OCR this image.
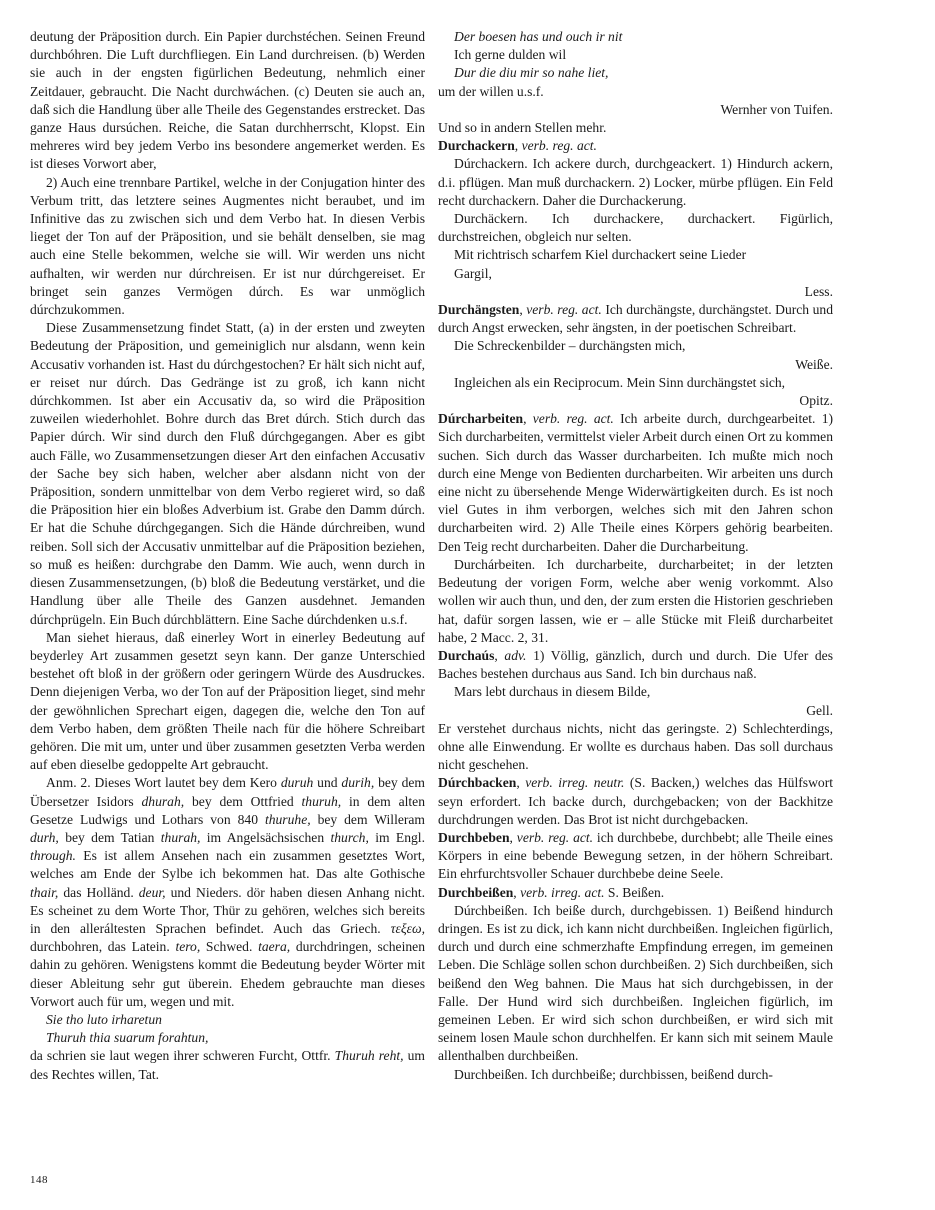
deutung der Präposition durch. Ein Papier durchstéchen. Seinen Freund durchbóhren. Die Luft durchfliegen. Ein Land durchreisen. (b) Werden sie auch in der engsten figürlichen Bedeutung, nehmlich einer Zeitdauer, gebraucht. Die Nacht durchwáchen. (c) Deuten sie auch an, daß sich die Handlung über alle Theile des Gegenstandes erstrecket. Das ganze Haus dursúchen. Reiche, die Satan durchherrscht, Klopst. Ein mehreres wird bey jedem Verbo ins besondere angemerket werden. Es ist dieses Vorwort aber,

2) Auch eine trennbare Partikel, welche in der Conjugation hinter des Verbum tritt, das letztere seines Augmentes nicht beraubet, und im Infinitive das zu zwischen sich und dem Verbo hat. In diesen Verbis lieget der Ton auf der Präposition, und sie behält denselben, sie mag auch eine Stelle bekommen, welche sie will. Wir werden uns nicht aufhalten, wir werden nur dúrchreisen. Er ist nur dúrchgereiset. Er bringet sein ganzes Vermögen dúrch. Es war unmöglich dúrchzukommen.

Diese Zusammensetzung findet Statt, (a) in der ersten und zweyten Bedeutung der Präposition, und gemeiniglich nur alsdann, wenn kein Accusativ vorhanden ist. Hast du dúrchgestochen? Er hält sich nicht auf, er reiset nur dúrch. Das Gedränge ist zu groß, ich kann nicht dúrchkommen. Ist aber ein Accusativ da, so wird die Präposition zuweilen wiederhohlet. Bohre durch das Bret dúrch. Stich durch das Papier dúrch. Wir sind durch den Fluß dúrchgegangen. Aber es gibt auch Fälle, wo Zusammensetzungen dieser Art den einfachen Accusativ der Sache bey sich haben, welcher aber alsdann nicht von der Präposition, sondern unmittelbar von dem Verbo regieret wird, so daß die Präposition hier ein bloßes Adverbium ist. Grabe den Damm dúrch. Er hat die Schuhe dúrchgegangen. Sich die Hände dúrchreiben, wund reiben. Soll sich der Accusativ unmittelbar auf die Präposition beziehen, so muß es heißen: durchgrabe den Damm. Wie auch, wenn durch in diesen Zusammensetzungen, (b) bloß die Bedeutung verstärket, und die Handlung über alle Theile des Ganzen ausdehnet. Jemanden dúrchprügeln. Ein Buch dúrchblättern. Eine Sache dúrchdenken u.s.f.

Man siehet hieraus, daß einerley Wort in einerley Bedeutung auf beyderley Art zusammen gesetzt seyn kann. Der ganze Unterschied bestehet oft bloß in der größern oder geringern Würde des Ausdruckes. Denn diejenigen Verba, wo der Ton auf der Präposition lieget, sind mehr der gewöhnlichen Sprechart eigen, dagegen die, welche den Ton auf dem Verbo haben, dem größten Theile nach für die höhere Schreibart gehören. Die mit um, unter und über zusammen gesetzten Verba werden auf eben dieselbe gedoppelte Art gebraucht.

Anm. 2. Dieses Wort lautet bey dem Kero duruh und durih, bey dem Übersetzer Isidors dhurah, bey dem Ottfried thuruh, in dem alten Gesetze Ludwigs und Lothars von 840 thuruhe, bey dem Willeram durh, bey dem Tatian thurah, im Angelsächsischen thurch, im Engl. through. Es ist allem Ansehen nach ein zusammen gesetztes Wort, welches am Ende der Sylbe ich bekommen hat. Das alte Gothische thair, das Holländ. deur, und Nieders. dör haben diesen Anhang nicht. Es scheinet zu dem Worte Thor, Thür zu gehören, welches sich bereits in den alleráltesten Sprachen befindet. Auch das Griech. τεξεω, durchbohren, das Latein. tero, Schwed. taera, durchdringen, scheinen dahin zu gehören. Wenigstens kommt die Bedeutung beyder Wörter mit dieser Ableitung sehr gut überein. Ehedem gebrauchte man dieses Vorwort auch für um, wegen und mit.

Sie tho luto irharetun

Thuruh thia suarum forahtun,

da schrien sie laut wegen ihrer schweren Furcht, Ottfr. Thuruh reht, um des Rechtes willen, Tat.

Der boesen has und ouch ir nit

Ich gerne dulden wil

Dur die diu mir so nahe liet,

um der willen u.s.f.

Wernher von Tuifen.

Und so in andern Stellen mehr.

Durchackern, verb. reg. act.

Dúrchackern. Ich ackere durch, durchgeackert. 1) Hindurch ackern, d.i. pflügen. Man muß durchackern. 2) Locker, mürbe pflügen. Ein Feld recht durchackern. Daher die Durchackerung.

Durchäckern. Ich durchackere, durchackert. Figürlich, durchstreichen, obgleich nur selten.

Mit richtrisch scharfem Kiel durchackert seine Lieder

Gargil,

Less.

Durchängsten, verb. reg. act. Ich durchängste, durchängstet. Durch und durch Angst erwecken, sehr ängsten, in der poetischen Schreibart.

Die Schreckenbilder – durchängsten mich,

Weiße.

Ingleichen als ein Reciprocum. Mein Sinn durchängstet sich,

Opitz.

Dúrcharbeiten, verb. reg. act. Ich arbeite durch, durchgearbeitet. 1) Sich durcharbeiten, vermittelst vieler Arbeit durch einen Ort zu kommen suchen. Sich durch das Wasser durcharbeiten. Ich mußte mich noch durch eine Menge von Bedienten durcharbeiten. Wir arbeiten uns durch eine nicht zu übersehende Menge Widerwärtigkeiten durch. Es ist noch viel Gutes in ihm verborgen, welches sich mit den Jahren schon durcharbeiten wird. 2) Alle Theile eines Körpers gehörig bearbeiten. Den Teig recht durcharbeiten. Daher die Durcharbeitung.

Durchárbeiten. Ich durcharbeite, durcharbeitet; in der letzten Bedeutung der vorigen Form, welche aber wenig vorkommt. Also wollen wir auch thun, und den, der zum ersten die Historien geschrieben hat, dafür sorgen lassen, wie er – alle Stücke mit Fleiß durcharbeitet habe, 2 Macc. 2, 31.

Durchaús, adv. 1) Völlig, gänzlich, durch und durch. Die Ufer des Baches bestehen durchaus aus Sand. Ich bin durchaus naß.

Mars lebt durchaus in diesem Bilde,

Gell.

Er verstehet durchaus nichts, nicht das geringste. 2) Schlechterdings, ohne alle Einwendung. Er wollte es durchaus haben. Das soll durchaus nicht geschehen.

Dúrchbacken, verb. irreg. neutr. (S. Backen,) welches das Hülfswort seyn erfordert. Ich backe durch, durchgebacken; von der Backhitze durchdrungen werden. Das Brot ist nicht durchgebacken.

Durchbeben, verb. reg. act. ich durchbebe, durchbebt; alle Theile eines Körpers in eine bebende Bewegung setzen, in der höhern Schreibart. Ein ehrfurchtsvoller Schauer durchbebe deine Seele.

Durchbeißen, verb. irreg. act. S. Beißen.

Dúrchbeißen. Ich beiße durch, durchgebissen. 1) Beißend hindurch dringen. Es ist zu dick, ich kann nicht durchbeißen. Ingleichen figürlich, durch und durch eine schmerzhafte Empfindung erregen, im gemeinen Leben. Die Schläge sollen schon durchbeißen. 2) Sich durchbeißen, sich beißend den Weg bahnen. Die Maus hat sich durchgebissen, in der Falle. Der Hund wird sich durchbeißen. Ingleichen figürlich, im gemeinen Leben. Er wird sich schon durchbeißen, er wird sich mit seinem losen Maule schon durchhelfen. Er kann sich mit seinem Maule allenthalben durchbeißen.

Durchbeißen. Ich durchbeiße; durchbissen, beißend durch-

148
